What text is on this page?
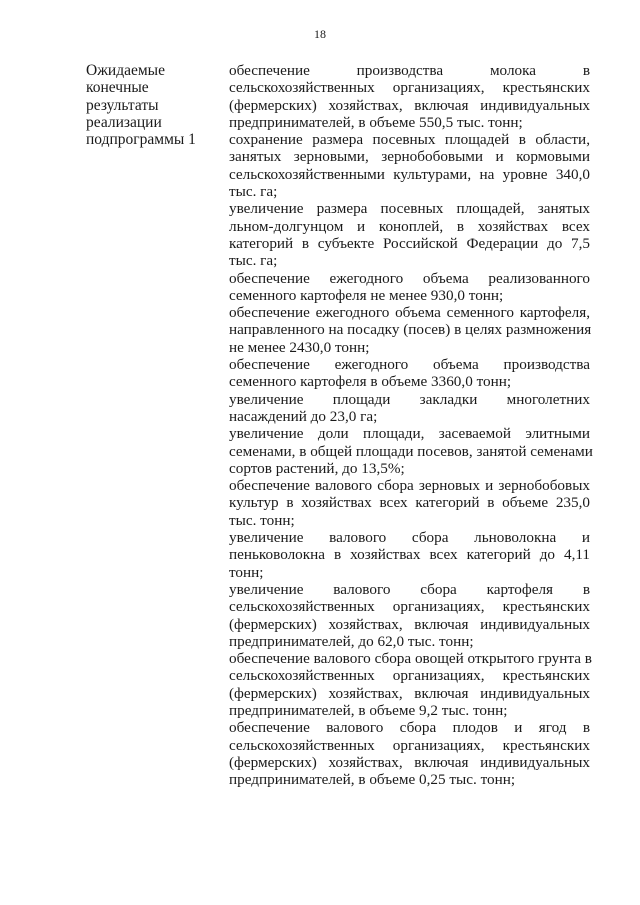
18
Ожидаемые
конечные
результаты
реализации
подпрограммы 1
обеспечение производства молока в
сельскохозяйственных организациях, крестьянских
(фермерских) хозяйствах, включая индивидуальных
предпринимателей, в объеме 550,5 тыс. тонн;
сохранение размера посевных площадей в области,
занятых зерновыми, зернобобовыми и кормовыми
сельскохозяйственными культурами, на уровне 340,0
тыс. га;
увеличение размера посевных площадей, занятых
льном-долгунцом и коноплей, в хозяйствах всех
категорий в субъекте Российской Федерации до 7,5
тыс. га;
обеспечение ежегодного объема реализованного
семенного картофеля не менее 930,0 тонн;
обеспечение ежегодного объема семенного картофеля,
направленного на посадку (посев) в целях размножения
не менее 2430,0 тонн;
обеспечение ежегодного объема производства
семенного картофеля в объеме 3360,0 тонн;
увеличение площади закладки многолетних
насаждений до 23,0 га;
увеличение доли площади, засеваемой элитными
семенами, в общей площади посевов, занятой семенами
сортов растений, до 13,5%;
обеспечение валового сбора зерновых и зернобобовых
культур в хозяйствах всех категорий в объеме 235,0
тыс. тонн;
увеличение валового сбора льноволокна и
пеньковолокна в хозяйствах всех категорий до 4,11
тонн;
увеличение валового сбора картофеля в
сельскохозяйственных организациях, крестьянских
(фермерских) хозяйствах, включая индивидуальных
предпринимателей, до 62,0 тыс. тонн;
обеспечение валового сбора овощей открытого грунта в
сельскохозяйственных организациях, крестьянских
(фермерских) хозяйствах, включая индивидуальных
предпринимателей, в объеме 9,2 тыс. тонн;
обеспечение валового сбора плодов и ягод в
сельскохозяйственных организациях, крестьянских
(фермерских) хозяйствах, включая индивидуальных
предпринимателей, в объеме 0,25 тыс. тонн;
